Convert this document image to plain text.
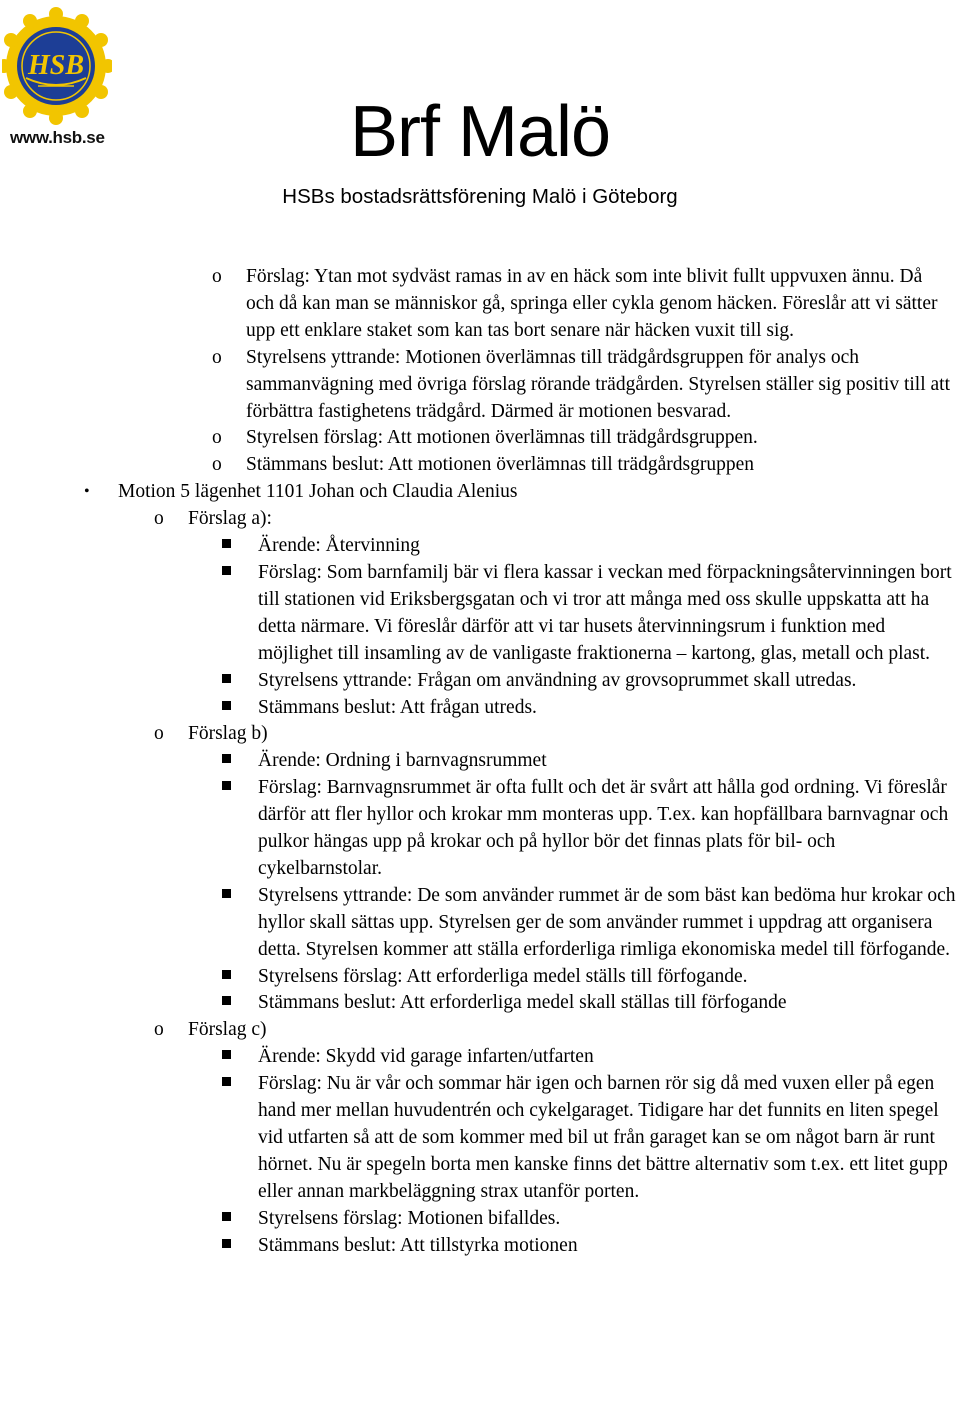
HSB
www.hsb.se	Brf Malö
HSBs bostadsrättsförening Malö i Göteborg
o Förslag: Ytan mot sydväst ramas in av en häck som inte blivit fullt uppvuxen ännu. Då och då kan man se människor gå, springa eller cykla genom häcken. Föreslår att vi sätter upp ett enklare staket som kan tas bort senare när häcken vuxit till sig.
o Styrelsens yttrande: Motionen överlämnas till trädgårdsgruppen för analys och sammanvägning med övriga förslag rörande trädgården. Styrelsen ställer sig positiv till att förbättra fastighetens trädgård. Därmed är motionen besvarad.
o Styrelsen förslag: Att motionen överlämnas till trädgårdsgruppen.
o Stämmans beslut: Att motionen överlämnas till trädgårdsgruppen
• Motion 5 lägenhet 1101 Johan och Claudia Alenius
o Förslag a):
Ärende: Återvinning
Förslag: Som barnfamilj bär vi flera kassar i veckan med förpackningsåtervinningen bort till stationen vid Eriksbergsgatan och vi tror att många med oss skulle uppskatta att ha detta närmare. Vi föreslår därför att vi tar husets återvinningsrum i funktion med möjlighet till insamling av de vanligaste fraktionerna – kartong, glas, metall och plast.
Styrelsens yttrande: Frågan om användning av grovsoprummet skall utredas.
Stämmans beslut: Att frågan utreds.
o Förslag b)
Ärende: Ordning i barnvagnsrummet
Förslag: Barnvagnsrummet är ofta fullt och det är svårt att hålla god ordning. Vi föreslår därför att fler hyllor och krokar mm monteras upp. T.ex. kan hopfällbara barnvagnar och pulkor hängas upp på krokar och på hyllor bör det finnas plats för bil- och cykelbarnstolar.
Styrelsens yttrande: De som använder rummet är de som bäst kan bedöma hur krokar och hyllor skall sättas upp. Styrelsen ger de som använder rummet i uppdrag att organisera detta. Styrelsen kommer att ställa erforderliga rimliga ekonomiska medel till förfogande.
Styrelsens förslag: Att erforderliga medel ställs till förfogande.
Stämmans beslut: Att erforderliga medel skall ställas till förfogande
o Förslag c)
Ärende: Skydd vid garage infarten/utfarten
Förslag: Nu är vår och sommar här igen och barnen rör sig då med vuxen eller på egen hand mer mellan huvudentrén och cykelgaraget. Tidigare har det funnits en liten spegel vid utfarten så att de som kommer med bil ut från garaget kan se om något barn är runt hörnet. Nu är spegeln borta men kanske finns det bättre alternativ som t.ex. ett litet gupp eller annan markbeläggning strax utanför porten.
Styrelsens förslag: Motionen bifalldes.
Stämmans beslut: Att tillstyrka motionen
